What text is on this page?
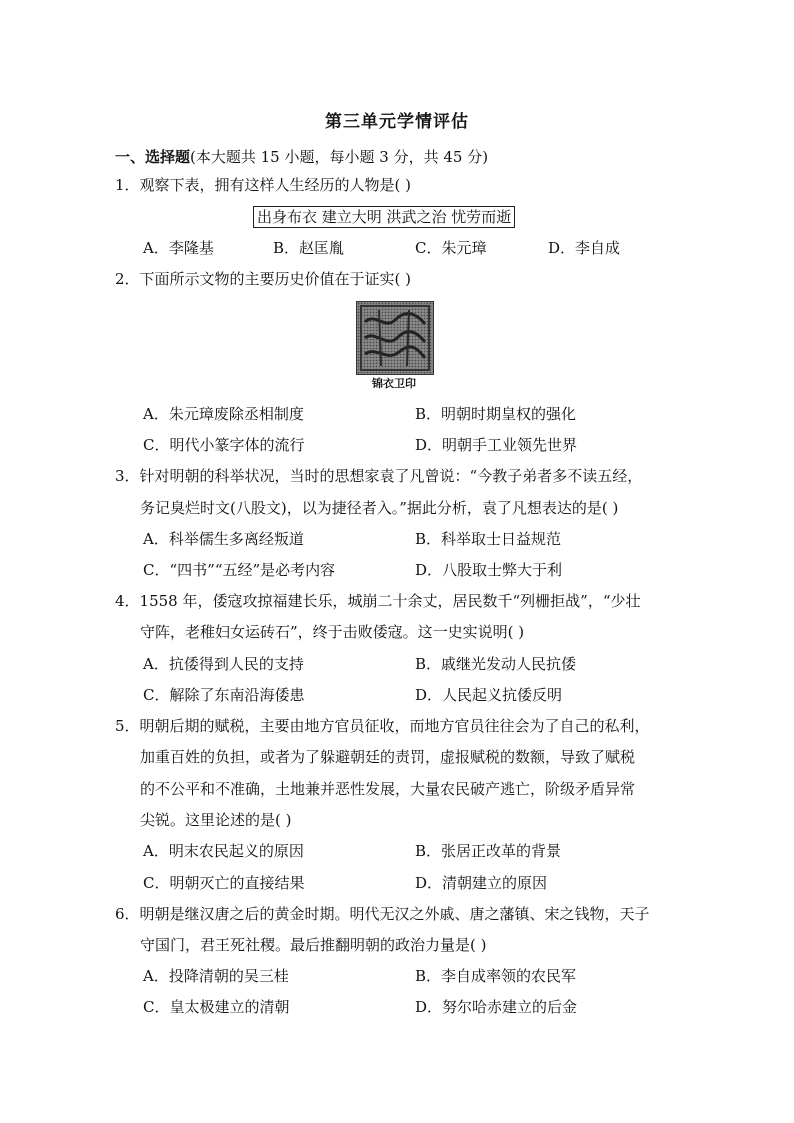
第三单元学情评估
一、选择题(本大题共 15 小题，每小题 3 分，共 45 分)
1．观察下表，拥有这样人生经历的人物是( )
出身布衣 建立大明 洪武之治 忧劳而逝
A．李隆基	B．赵匡胤	C．朱元璋	D．李自成
2．下面所示文物的主要历史价值在于证实( )
锦衣卫印
A．朱元璋废除丞相制度	B．明朝时期皇权的强化
C．明代小篆字体的流行	D．明朝手工业领先世界
3．针对明朝的科举状况，当时的思想家袁了凡曾说：“今教子弟者多不读五经，
务记臭烂时文(八股文)，以为捷径者入。”据此分析，袁了凡想表达的是( )
A．科举儒生多离经叛道	B．科举取士日益规范
C．“四书”“五经”是必考内容	D．八股取士弊大于利
4．1558 年，倭寇攻掠福建长乐，城崩二十余丈，居民数千“列栅拒战”，“少壮
守阵，老稚妇女运砖石”，终于击败倭寇。这一史实说明( )
A．抗倭得到人民的支持	B．戚继光发动人民抗倭
C．解除了东南沿海倭患	D．人民起义抗倭反明
5．明朝后期的赋税，主要由地方官员征收，而地方官员往往会为了自己的私利，
加重百姓的负担，或者为了躲避朝廷的责罚，虚报赋税的数额，导致了赋税
的不公平和不准确，土地兼并恶性发展，大量农民破产逃亡，阶级矛盾异常
尖锐。这里论述的是( )
A．明末农民起义的原因	B．张居正改革的背景
C．明朝灭亡的直接结果	D．清朝建立的原因
6．明朝是继汉唐之后的黄金时期。明代无汉之外戚、唐之藩镇、宋之钱物，天子
守国门，君王死社稷。最后推翻明朝的政治力量是( )
A．投降清朝的吴三桂	B．李自成率领的农民军
C．皇太极建立的清朝	D．努尔哈赤建立的后金
